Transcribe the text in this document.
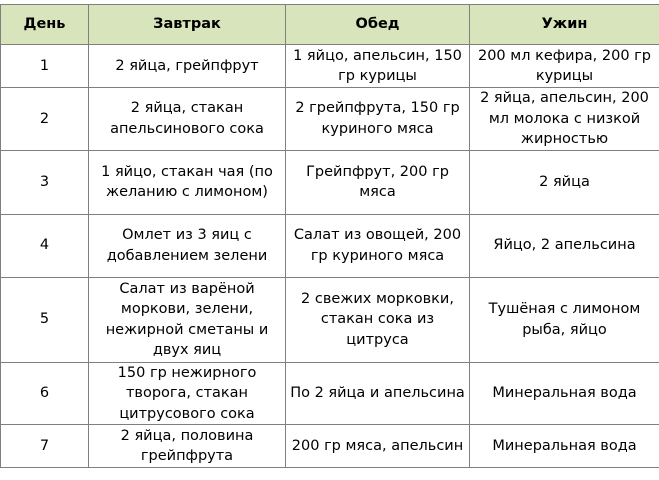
День	Завтрак	Обед	Ужин
1	2 яйца, грейпфрут	1 яйцо, апельсин, 150 гр курицы	200 мл кефира, 200 гр курицы
2	2 яйца, стакан апельсинового сока	2 грейпфрута, 150 гр куриного мяса	2 яйца, апельсин, 200 мл молока с низкой жирностью
3	1 яйцо, стакан чая (по желанию с лимоном)	Грейпфрут, 200 гр мяса	2 яйца
4	Омлет из 3 яиц с добавлением зелени	Салат из овощей, 200 гр куриного мяса	Яйцо, 2 апельсина
5	Салат из варёной моркови, зелени, нежирной сметаны и двух яиц	2 свежих морковки, стакан сока из цитруса	Тушёная с лимоном рыба, яйцо
6	150 гр нежирного творога, стакан цитрусового сока	По 2 яйца и апельсина	Минеральная вода
7	2 яйца, половина грейпфрута	200 гр мяса, апельсин	Минеральная вода
